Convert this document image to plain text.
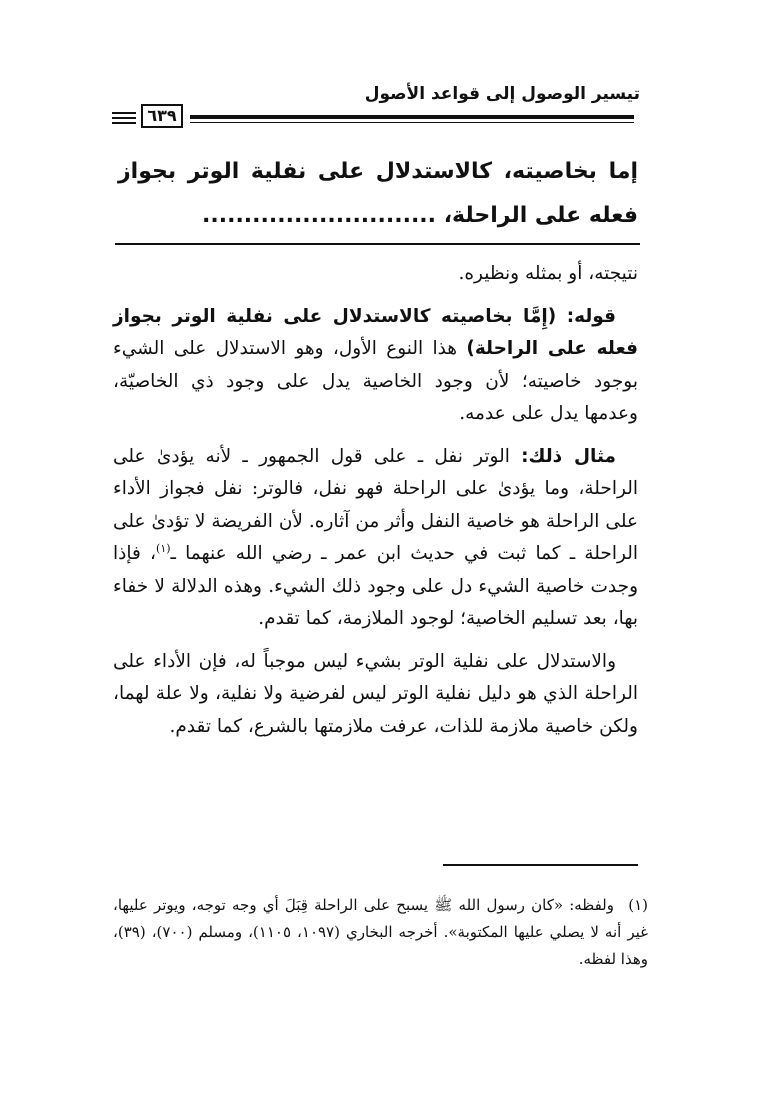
تيسير الوصول إلى قواعد الأصول
٦٣٩
إما بخاصيته، كالاستدلال على نفلية الوتر بجواز فعله على الراحلة، ............................

نتيجته، أو بمثله ونظيره.

قوله: (إِمَّا بخاصيته كالاستدلال على نفلية الوتر بجواز فعله على الراحلة) هذا النوع الأول، وهو الاستدلال على الشيء بوجود خاصيته؛ لأن وجود الخاصية يدل على وجود ذي الخاصيّة، وعدمها يدل على عدمه.

مثال ذلك: الوتر نفل ـ على قول الجمهور ـ لأنه يؤدىٰ على الراحلة، وما يؤدىٰ على الراحلة فهو نفل، فالوتر: نفل فجواز الأداء على الراحلة هو خاصية النفل وأثر من آثاره. لأن الفريضة لا تؤدىٰ على الراحلة ـ كما ثبت في حديث ابن عمر ـ رضي الله عنهما ـ$^{(١)}$، فإذا وجدت خاصية الشيء دل على وجود ذلك الشيء. وهذه الدلالة لا خفاء بها، بعد تسليم الخاصية؛ لوجود الملازمة، كما تقدم.

والاستدلال على نفلية الوتر بشيء ليس موجباً له، فإن الأداء على الراحلة الذي هو دليل نفلية الوتر ليس لفرضية ولا نفلية، ولا علة لهما، ولكن خاصية ملازمة للذات، عرفت ملازمتها بالشرع، كما تقدم.

(١)ولفظه: «كان رسول الله ﷺ يسبح على الراحلة قِبَلَ أي وجه توجه، ويوتر عليها، غير أنه لا يصلي عليها المكتوبة». أخرجه البخاري (١٠٩٧، ١١٠٥)، ومسلم (٧٠٠)، (٣٩)، وهذا لفظه.
